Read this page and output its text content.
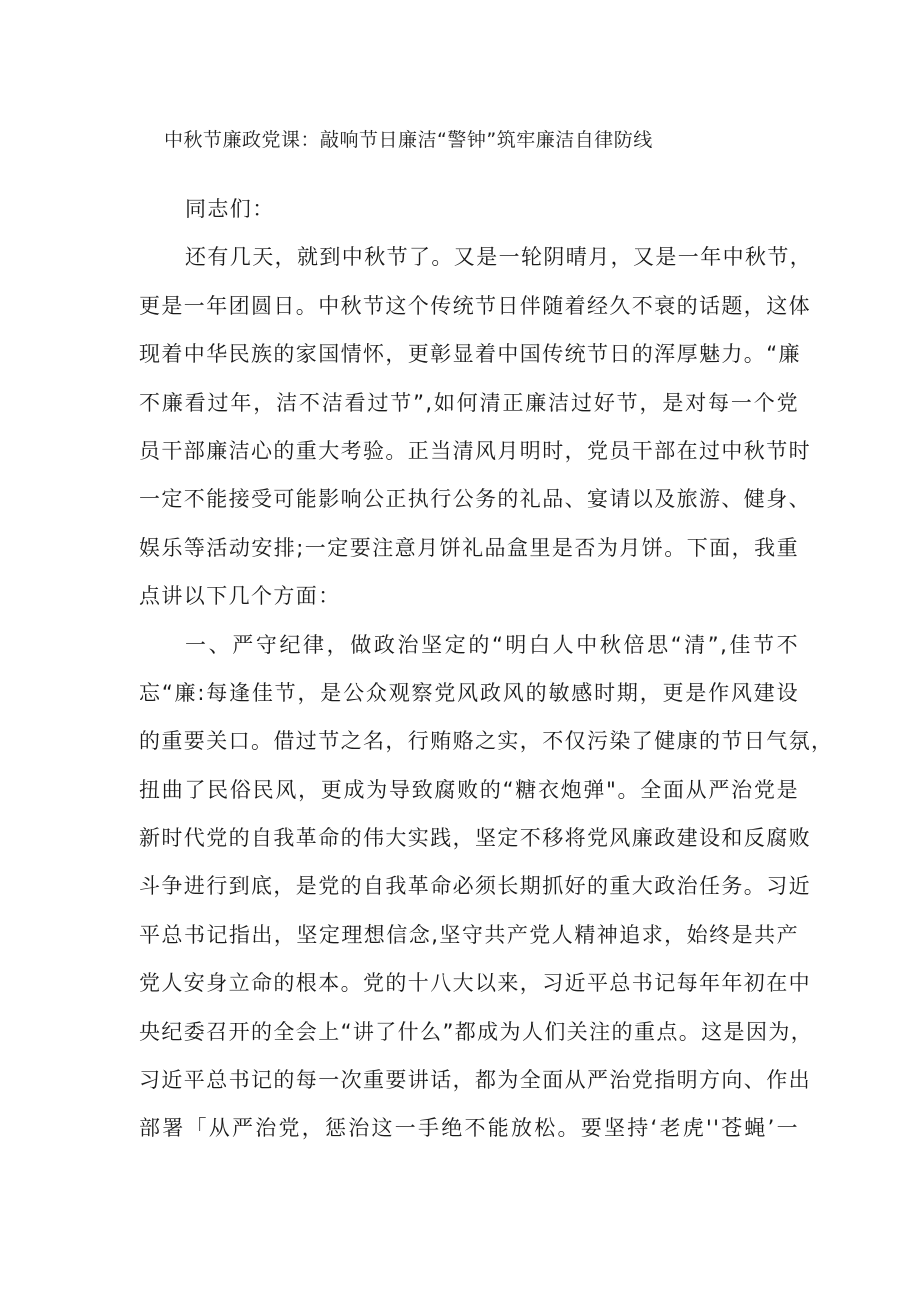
中秋节廉政党课：敲响节日廉洁“警钟”筑牢廉洁自律防线
同志们：
还有几天，就到中秋节了。又是一轮阴晴月，又是一年中秋节，
更是一年团圆日。中秋节这个传统节日伴随着经久不衰的话题，这体
现着中华民族的家国情怀，更彰显着中国传统节日的浑厚魅力。“廉
不廉看过年，洁不洁看过节”,如何清正廉洁过好节，是对每一个党
员干部廉洁心的重大考验。正当清风月明时，党员干部在过中秋节时
一定不能接受可能影响公正执行公务的礼品、宴请以及旅游、健身、
娱乐等活动安排;一定要注意月饼礼品盒里是否为月饼。下面，我重
点讲以下几个方面：
一、严守纪律，做政治坚定的“明白人中秋倍思“清”,佳节不
忘“廉:每逢佳节，是公众观察党风政风的敏感时期，更是作风建设
的重要关口。借过节之名，行贿赂之实，不仅污染了健康的节日气氛，
扭曲了民俗民风，更成为导致腐败的“糖衣炮弹"。全面从严治党是
新时代党的自我革命的伟大实践，坚定不移将党风廉政建设和反腐败
斗争进行到底，是党的自我革命必须长期抓好的重大政治任务。习近
平总书记指出，坚定理想信念,坚守共产党人精神追求，始终是共产
党人安身立命的根本。党的十八大以来，习近平总书记每年年初在中
央纪委召开的全会上“讲了什么”都成为人们关注的重点。这是因为，
习近平总书记的每一次重要讲话，都为全面从严治党指明方向、作出
部署「从严治党，惩治这一手绝不能放松。要坚持‘老虎''苍蝇’一
